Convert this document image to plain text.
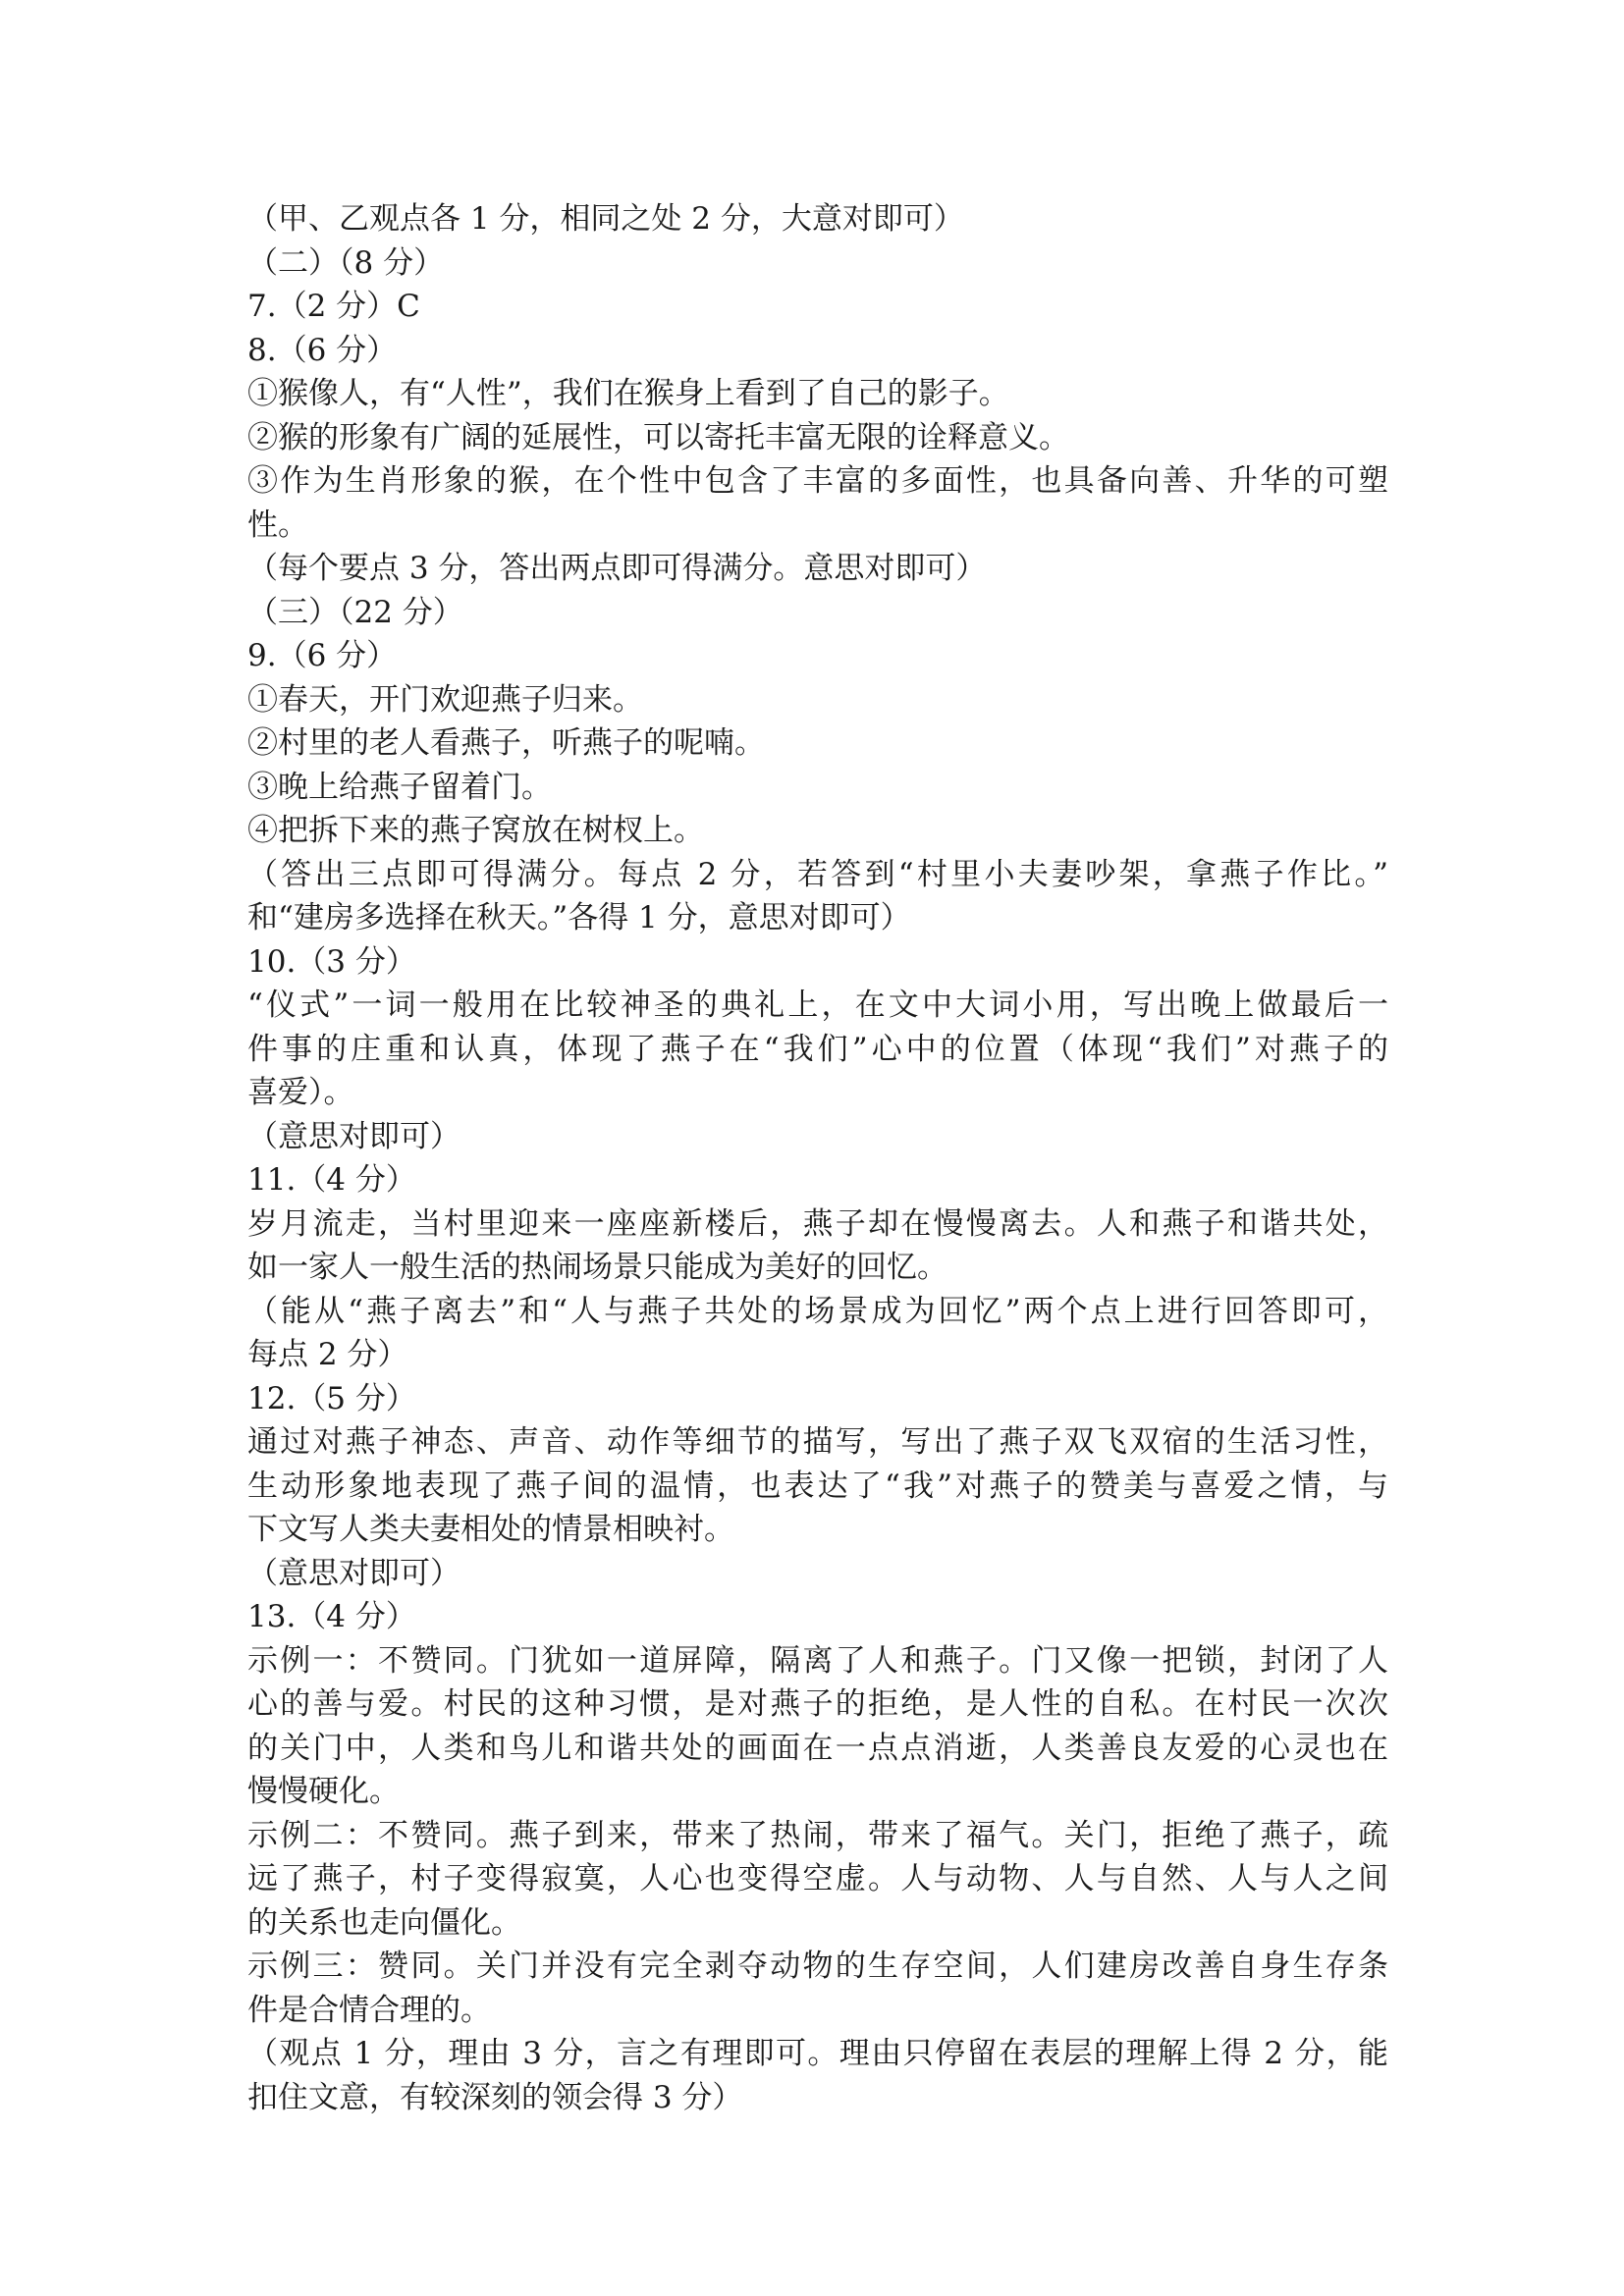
（甲、乙观点各 1 分，相同之处 2 分，大意对即可）
（二）（8 分）
7.（2 分）C
8.（6 分）
①猴像人，有“人性”，我们在猴身上看到了自己的影子。
②猴的形象有广阔的延展性，可以寄托丰富无限的诠释意义。
③作为生肖形象的猴，在个性中包含了丰富的多面性，也具备向善、升华的可塑
性。
（每个要点 3 分，答出两点即可得满分。意思对即可）
（三）（22 分）
9.（6 分）
①春天，开门欢迎燕子归来。
②村里的老人看燕子，听燕子的呢喃。
③晚上给燕子留着门。
④把拆下来的燕子窝放在树杈上。
（答出三点即可得满分。每点 2 分，若答到“村里小夫妻吵架，拿燕子作比。”
和“建房多选择在秋天。”各得 1 分，意思对即可）
10.（3 分）
“仪式”一词一般用在比较神圣的典礼上，在文中大词小用，写出晚上做最后一
件事的庄重和认真，体现了燕子在“我们”心中的位置（体现“我们”对燕子的
喜爱）。
（意思对即可）
11.（4 分）
岁月流走，当村里迎来一座座新楼后，燕子却在慢慢离去。人和燕子和谐共处，
如一家人一般生活的热闹场景只能成为美好的回忆。
（能从“燕子离去”和“人与燕子共处的场景成为回忆”两个点上进行回答即可，
每点 2 分）
12.（5 分）
通过对燕子神态、声音、动作等细节的描写，写出了燕子双飞双宿的生活习性，
生动形象地表现了燕子间的温情，也表达了“我”对燕子的赞美与喜爱之情，与
下文写人类夫妻相处的情景相映衬。
（意思对即可）
13.（4 分）
示例一：不赞同。门犹如一道屏障，隔离了人和燕子。门又像一把锁，封闭了人
心的善与爱。村民的这种习惯，是对燕子的拒绝，是人性的自私。在村民一次次
的关门中，人类和鸟儿和谐共处的画面在一点点消逝，人类善良友爱的心灵也在
慢慢硬化。
示例二：不赞同。燕子到来，带来了热闹，带来了福气。关门，拒绝了燕子，疏
远了燕子，村子变得寂寞，人心也变得空虚。人与动物、人与自然、人与人之间
的关系也走向僵化。
示例三：赞同。关门并没有完全剥夺动物的生存空间，人们建房改善自身生存条
件是合情合理的。
（观点 1 分，理由 3 分，言之有理即可。理由只停留在表层的理解上得 2 分，能
扣住文意，有较深刻的领会得 3 分）
